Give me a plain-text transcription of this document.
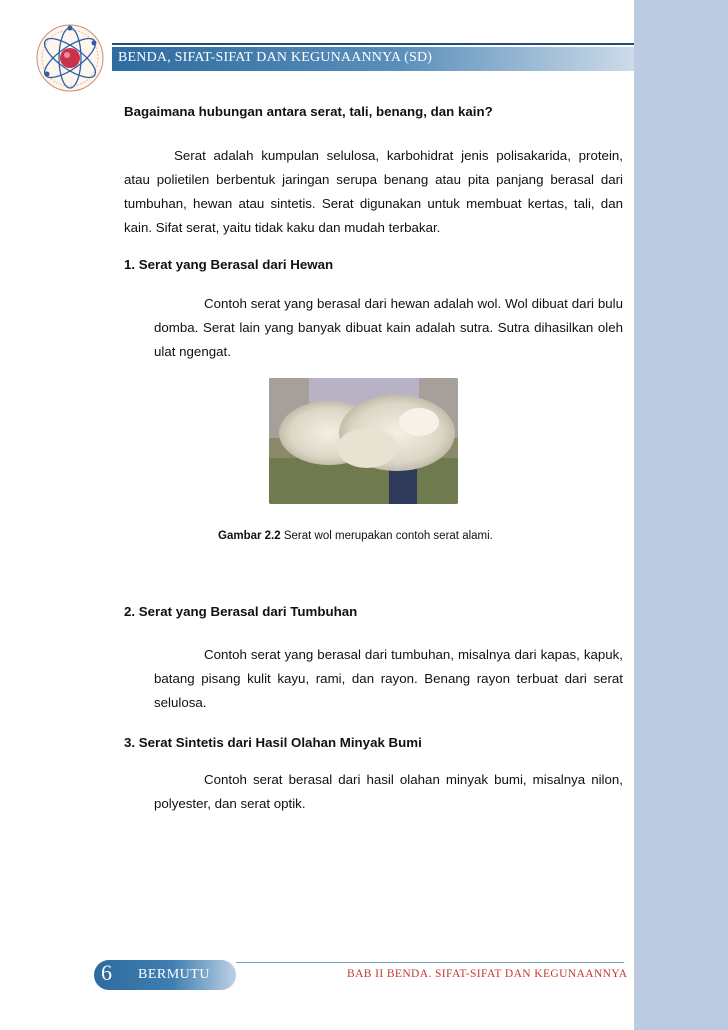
BENDA, SIFAT-SIFAT DAN KEGUNAANNYA (SD)
Bagaimana hubungan antara serat, tali, benang, dan kain?
Serat adalah kumpulan selulosa, karbohidrat jenis polisakarida, protein, atau polietilen berbentuk jaringan serupa benang atau pita panjang berasal dari tumbuhan, hewan atau sintetis. Serat digunakan untuk membuat kertas, tali, dan kain. Sifat serat, yaitu tidak kaku dan mudah terbakar.
1. Serat yang Berasal dari Hewan
Contoh serat yang berasal dari hewan adalah wol. Wol dibuat dari bulu domba. Serat lain yang banyak dibuat kain adalah sutra. Sutra dihasilkan oleh ulat ngengat.
Gambar 2.2 Serat wol merupakan contoh serat alami.
2. Serat yang Berasal dari Tumbuhan
Contoh serat yang berasal dari tumbuhan, misalnya dari kapas, kapuk, batang pisang kulit kayu, rami, dan rayon. Benang rayon terbuat dari serat selulosa.
3. Serat Sintetis dari Hasil Olahan Minyak Bumi
Contoh serat berasal dari hasil olahan minyak bumi, misalnya nilon, polyester, dan serat optik.
6 BERMUTU	BAB II BENDA. SIFAT-SIFAT DAN KEGUNAANNYA
